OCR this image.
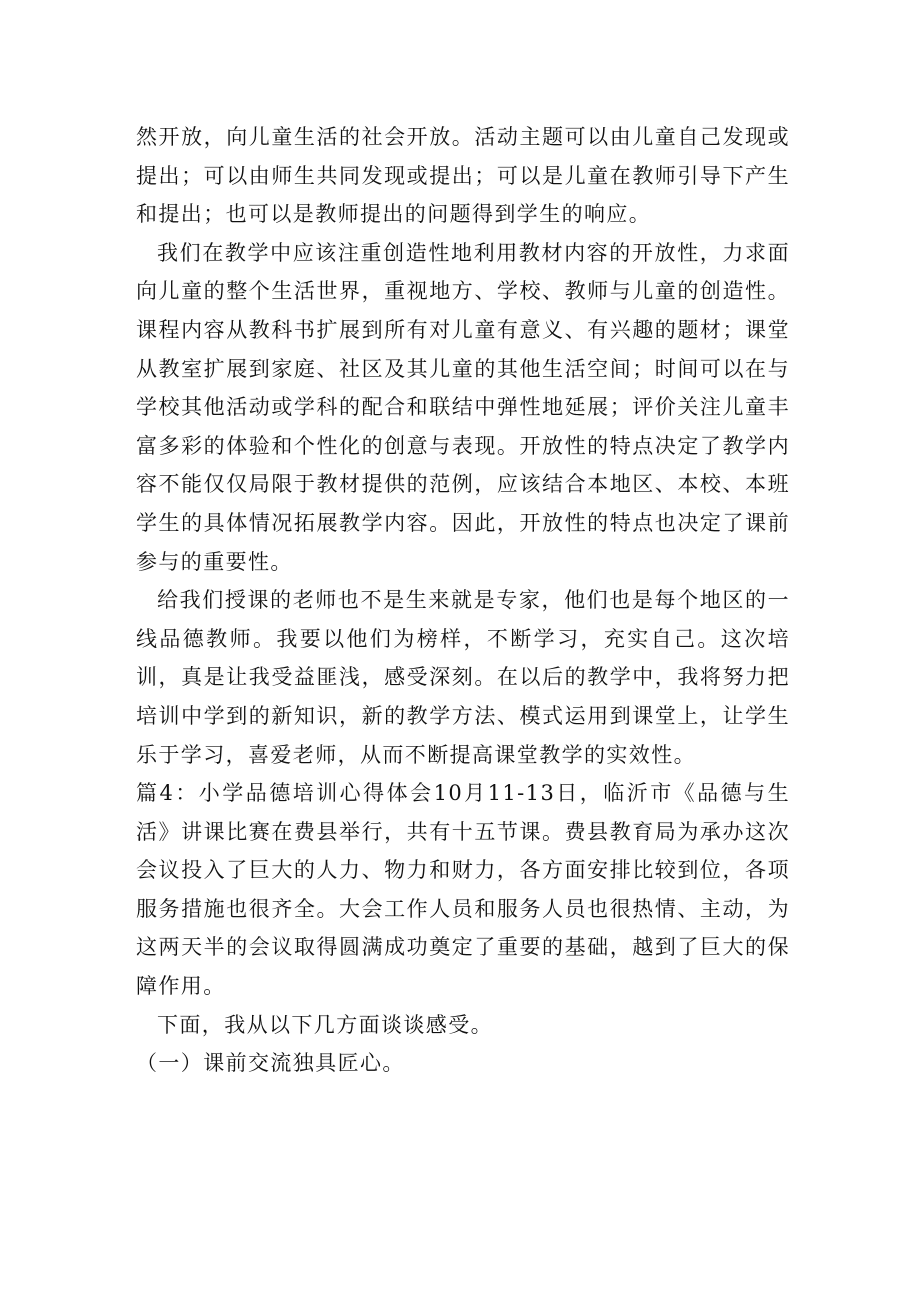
然开放，向儿童生活的社会开放。活动主题可以由儿童自己发现或提出；可以由师生共同发现或提出；可以是儿童在教师引导下产生和提出；也可以是教师提出的问题得到学生的响应。

我们在教学中应该注重创造性地利用教材内容的开放性，力求面向儿童的整个生活世界，重视地方、学校、教师与儿童的创造性。课程内容从教科书扩展到所有对儿童有意义、有兴趣的题材；课堂从教室扩展到家庭、社区及其儿童的其他生活空间；时间可以在与学校其他活动或学科的配合和联结中弹性地延展；评价关注儿童丰富多彩的体验和个性化的创意与表现。开放性的特点决定了教学内容不能仅仅局限于教材提供的范例，应该结合本地区、本校、本班学生的具体情况拓展教学内容。因此，开放性的特点也决定了课前参与的重要性。

给我们授课的老师也不是生来就是专家，他们也是每个地区的一线品德教师。我要以他们为榜样，不断学习，充实自己。这次培训，真是让我受益匪浅，感受深刻。在以后的教学中，我将努力把培训中学到的新知识，新的教学方法、模式运用到课堂上，让学生乐于学习，喜爱老师，从而不断提高课堂教学的实效性。

篇4：小学品德培训心得体会10月11-13日，临沂市《品德与生活》讲课比赛在费县举行，共有十五节课。费县教育局为承办这次会议投入了巨大的人力、物力和财力，各方面安排比较到位，各项服务措施也很齐全。大会工作人员和服务人员也很热情、主动，为这两天半的会议取得圆满成功奠定了重要的基础，越到了巨大的保障作用。

下面，我从以下几方面谈谈感受。

（一）课前交流独具匠心。
